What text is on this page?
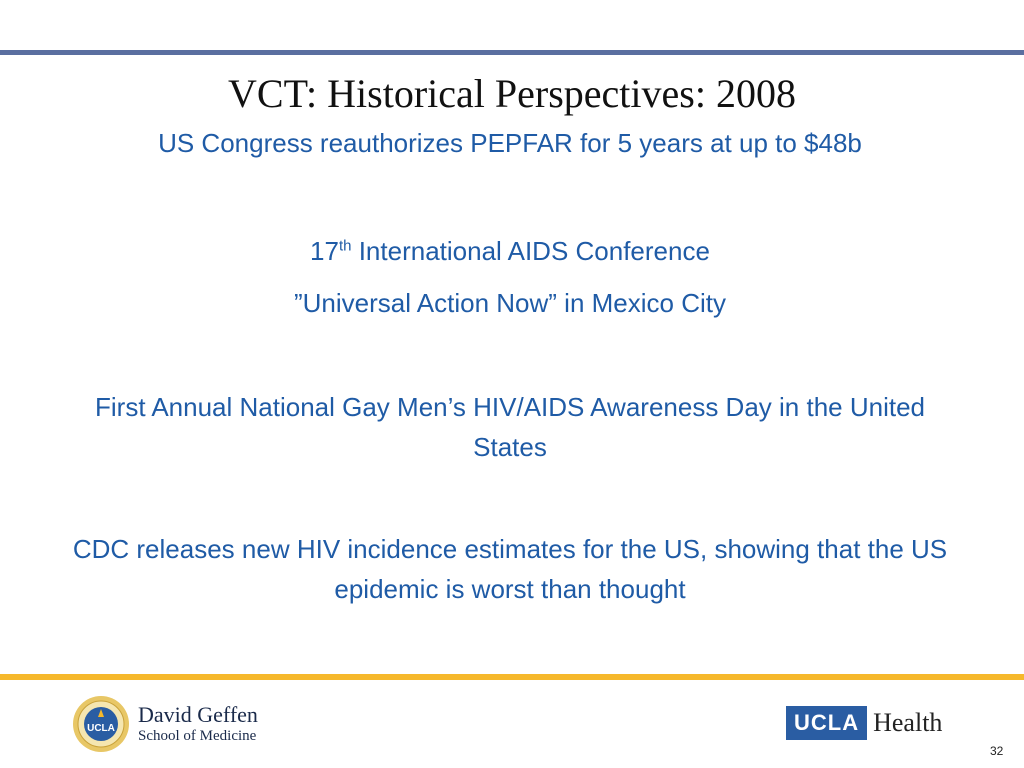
VCT: Historical Perspectives: 2008

US Congress reauthorizes PEPFAR for 5 years at up to $48b

17th International AIDS Conference

”Universal Action Now” in Mexico City

First Annual National Gay Men’s HIV/AIDS Awareness Day in the United States

CDC releases new HIV incidence estimates for the US, showing that the US epidemic is worst than thought

UCLA
David Geffen
School of Medicine
UCLA Health
32
